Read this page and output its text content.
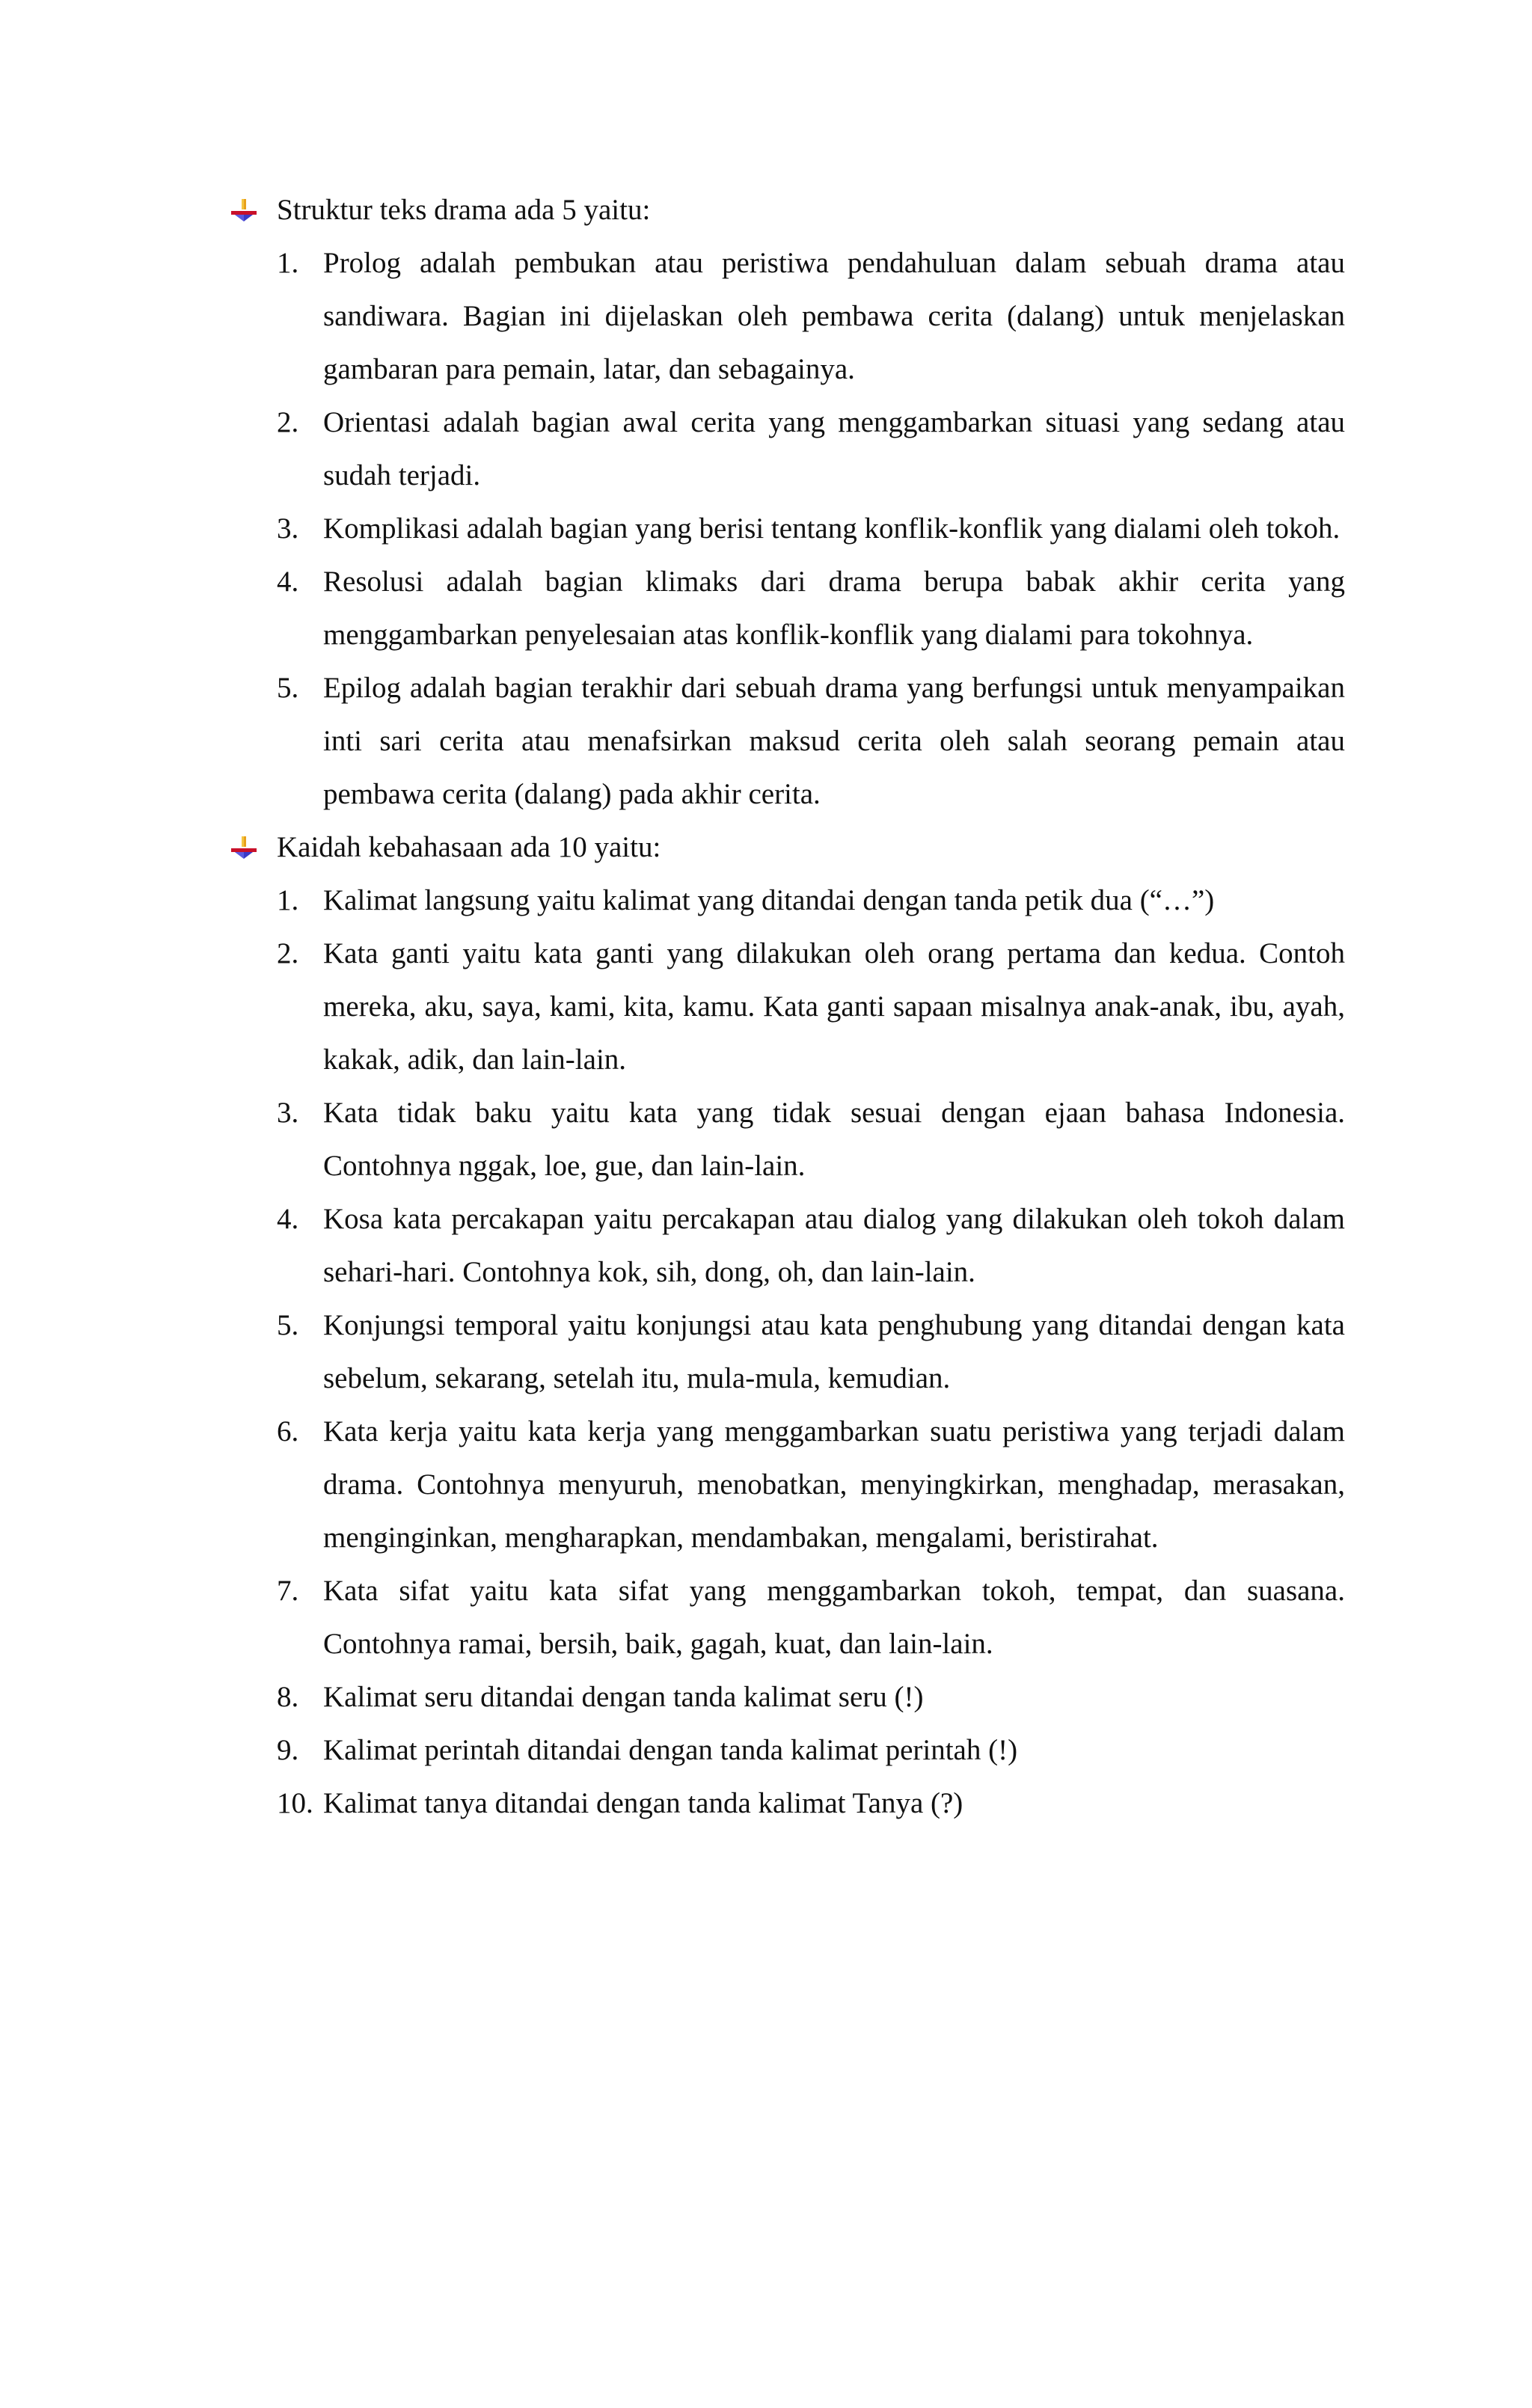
Struktur teks drama ada 5 yaitu:
1. Prolog adalah pembukan atau peristiwa pendahuluan dalam sebuah drama atau sandiwara. Bagian ini dijelaskan oleh pembawa cerita (dalang) untuk menjelaskan gambaran para pemain, latar, dan sebagainya.
2. Orientasi adalah bagian awal cerita yang menggambarkan situasi yang sedang atau sudah terjadi.
3. Komplikasi adalah bagian yang berisi tentang konflik-konflik yang dialami oleh tokoh.
4. Resolusi adalah bagian klimaks dari drama berupa babak akhir cerita yang menggambarkan penyelesaian atas konflik-konflik yang dialami para tokohnya.
5. Epilog adalah bagian terakhir dari sebuah drama yang berfungsi untuk menyampaikan inti sari cerita atau menafsirkan maksud cerita oleh salah seorang pemain atau pembawa cerita (dalang) pada akhir cerita.
Kaidah kebahasaan ada 10 yaitu:
1. Kalimat langsung yaitu kalimat yang ditandai dengan tanda petik dua (“…”)
2. Kata ganti yaitu kata ganti yang dilakukan oleh orang pertama dan kedua. Contoh mereka, aku, saya, kami, kita, kamu. Kata ganti sapaan misalnya anak-anak, ibu, ayah, kakak, adik, dan lain-lain.
3. Kata tidak baku yaitu kata yang tidak sesuai dengan ejaan bahasa Indonesia. Contohnya nggak, loe, gue, dan lain-lain.
4. Kosa kata percakapan yaitu percakapan atau dialog yang dilakukan oleh tokoh dalam sehari-hari. Contohnya kok, sih, dong, oh, dan lain-lain.
5. Konjungsi temporal yaitu konjungsi atau kata penghubung yang ditandai dengan kata sebelum, sekarang, setelah itu, mula-mula, kemudian.
6. Kata kerja yaitu kata kerja yang menggambarkan suatu peristiwa yang terjadi dalam drama. Contohnya menyuruh, menobatkan, menyingkirkan, menghadap, merasakan, menginginkan, mengharapkan, mendambakan, mengalami, beristirahat.
7. Kata sifat yaitu kata sifat yang menggambarkan tokoh, tempat, dan suasana. Contohnya ramai, bersih, baik, gagah, kuat, dan lain-lain.
8. Kalimat seru ditandai dengan tanda kalimat seru (!)
9. Kalimat perintah ditandai dengan tanda kalimat perintah (!)
10. Kalimat tanya ditandai dengan tanda kalimat Tanya (?)
